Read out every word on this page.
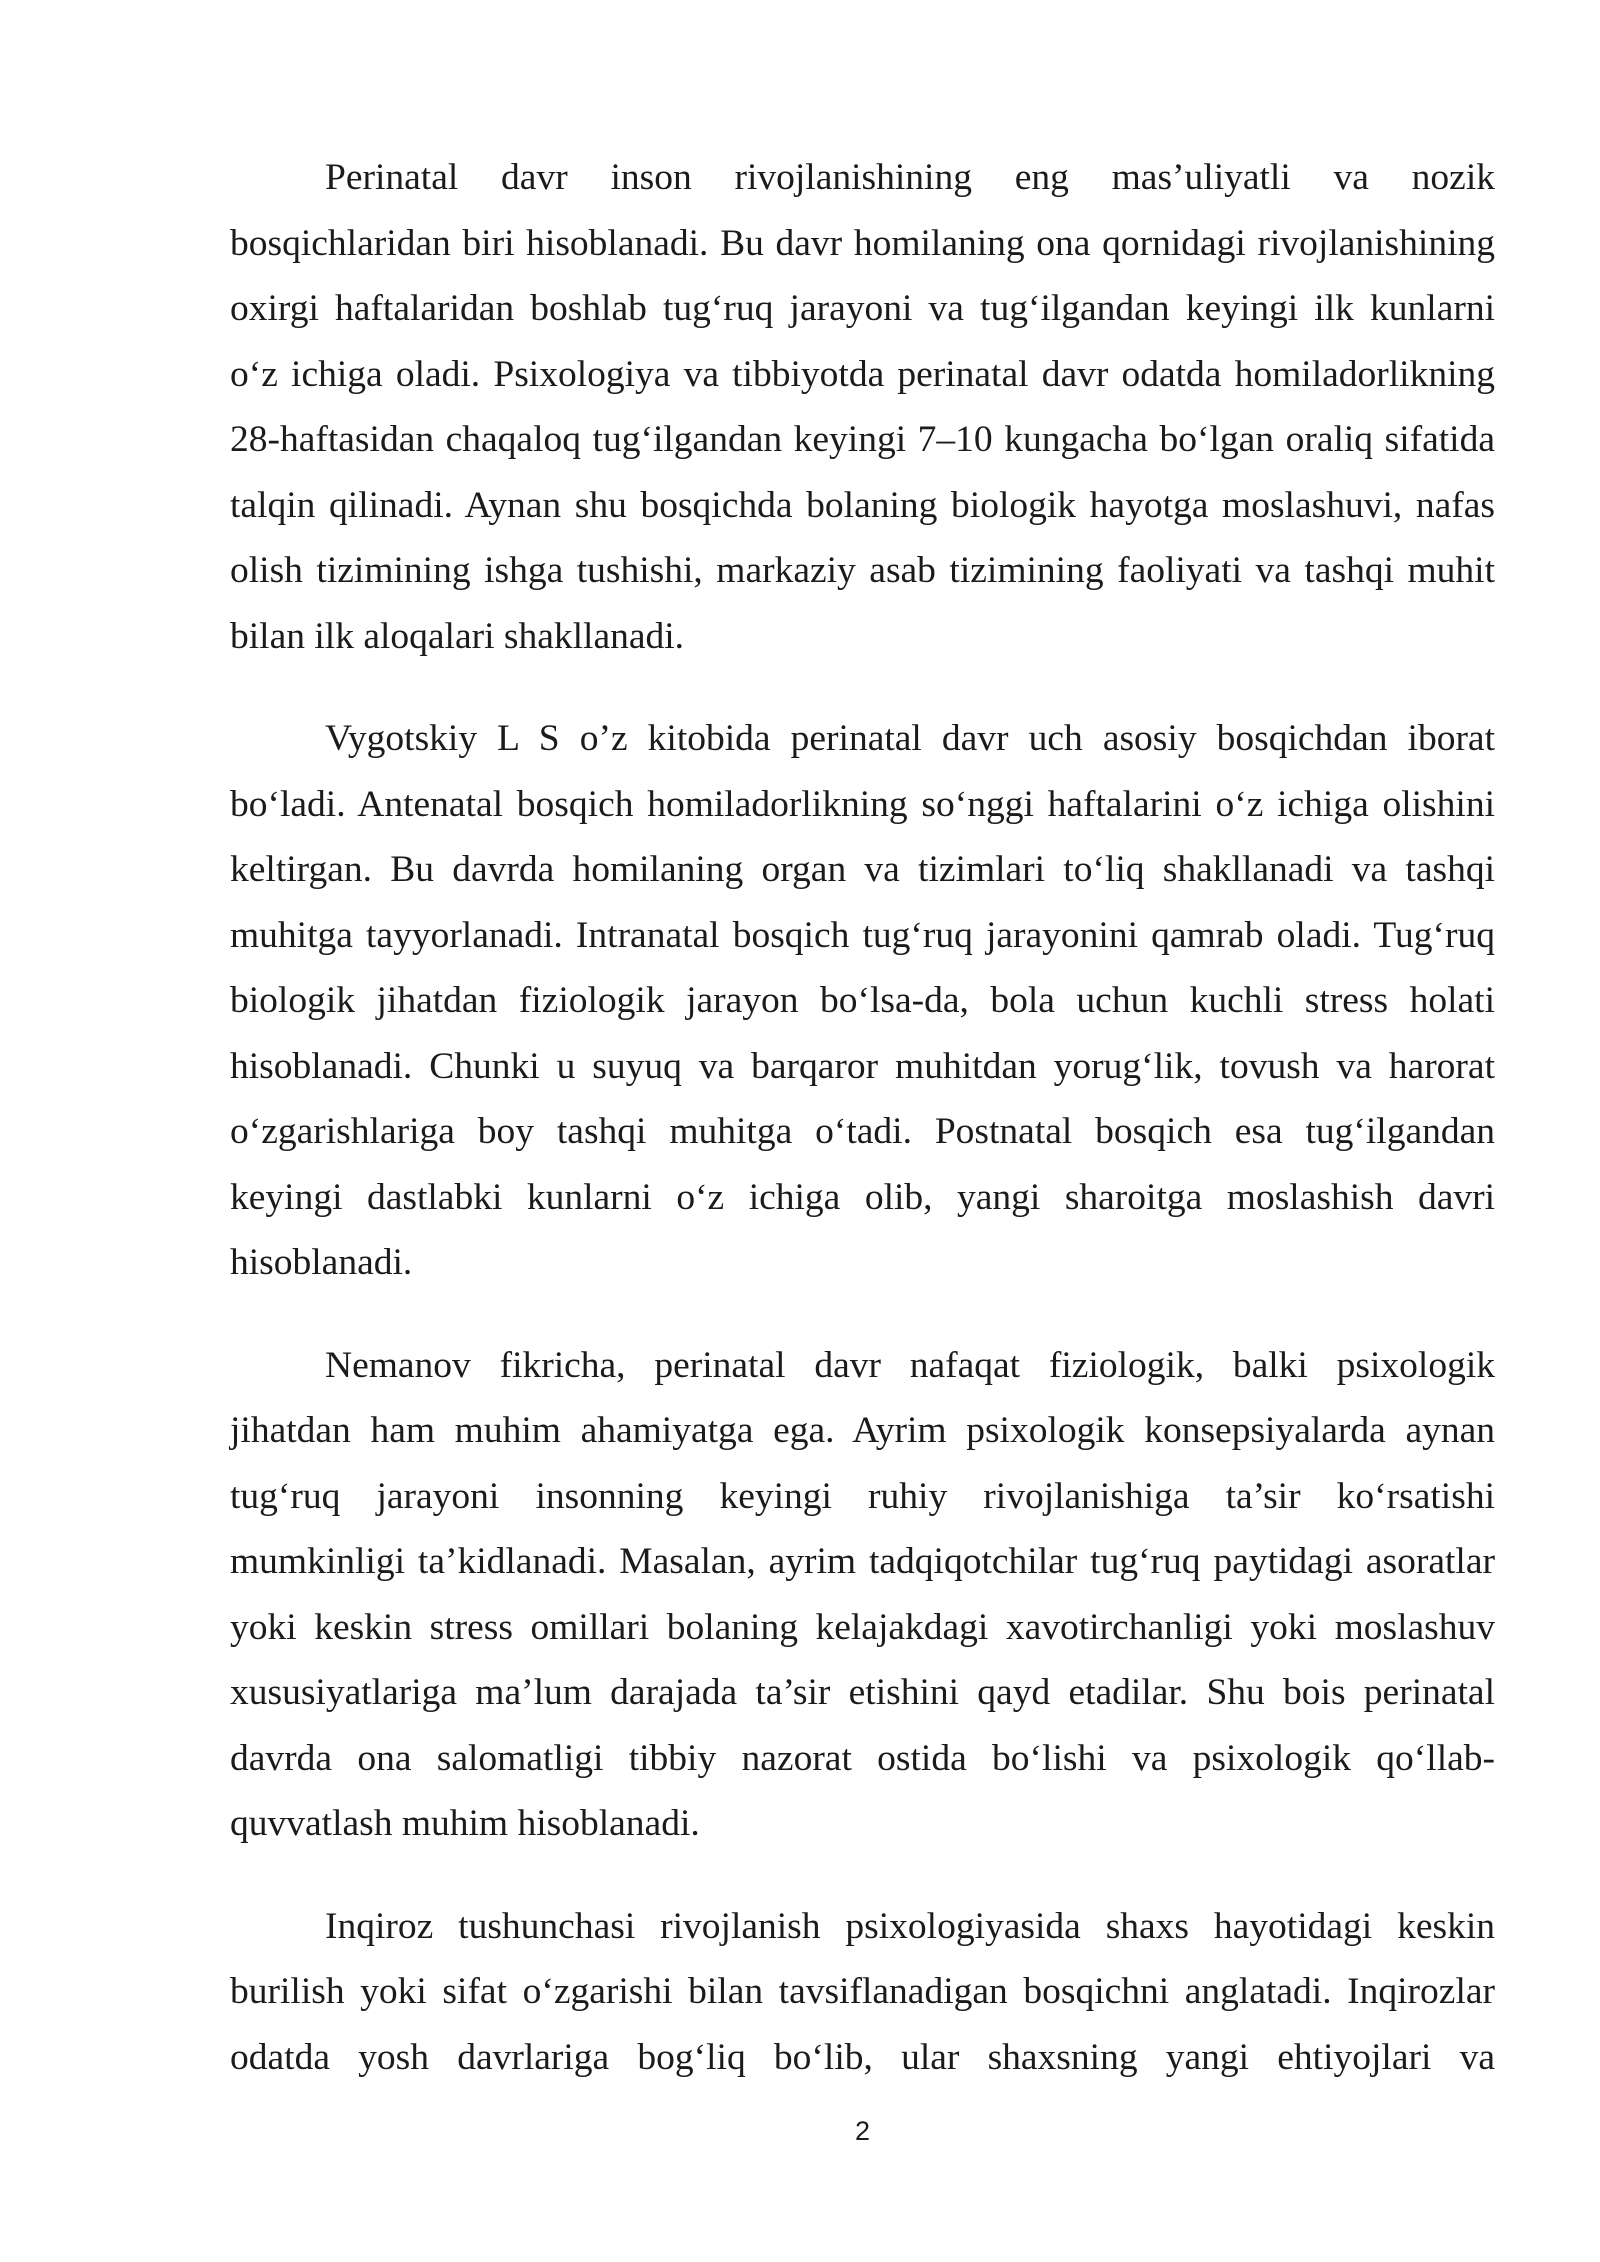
Perinatal davr inson rivojlanishining eng mas’uliyatli va nozik
bosqichlaridan biri hisoblanadi. Bu davr homilaning ona qornidagi rivojlanishining
oxirgi haftalaridan boshlab tug‘ruq jarayoni va tug‘ilgandan keyingi ilk kunlarni
o‘z ichiga oladi. Psixologiya va tibbiyotda perinatal davr odatda homiladorlikning
28-haftasidan chaqaloq tug‘ilgandan keyingi 7–10 kungacha bo‘lgan oraliq sifatida
talqin qilinadi. Aynan shu bosqichda bolaning biologik hayotga moslashuvi, nafas
olish tizimining ishga tushishi, markaziy asab tizimining faoliyati va tashqi muhit
bilan ilk aloqalari shakllanadi.
Vygotskiy L S o’z kitobida perinatal davr uch asosiy bosqichdan iborat
bo‘ladi. Antenatal bosqich homiladorlikning so‘nggi haftalarini o‘z ichiga olishini
keltirgan. Bu davrda homilaning organ va tizimlari to‘liq shakllanadi va tashqi
muhitga tayyorlanadi. Intranatal bosqich tug‘ruq jarayonini qamrab oladi. Tug‘ruq
biologik jihatdan fiziologik jarayon bo‘lsa-da, bola uchun kuchli stress holati
hisoblanadi. Chunki u suyuq va barqaror muhitdan yorug‘lik, tovush va harorat
o‘zgarishlariga boy tashqi muhitga o‘tadi. Postnatal bosqich esa tug‘ilgandan
keyingi dastlabki kunlarni o‘z ichiga olib, yangi sharoitga moslashish davri
hisoblanadi.
Nemanov fikricha, perinatal davr nafaqat fiziologik, balki psixologik
jihatdan ham muhim ahamiyatga ega. Ayrim psixologik konsepsiyalarda aynan
tug‘ruq jarayoni insonning keyingi ruhiy rivojlanishiga ta’sir ko‘rsatishi
mumkinligi ta’kidlanadi. Masalan, ayrim tadqiqotchilar tug‘ruq paytidagi asoratlar
yoki keskin stress omillari bolaning kelajakdagi xavotirchanligi yoki moslashuv
xususiyatlariga ma’lum darajada ta’sir etishini qayd etadilar. Shu bois perinatal
davrda ona salomatligi tibbiy nazorat ostida bo‘lishi va psixologik qo‘llab-
quvvatlash muhim hisoblanadi.
Inqiroz tushunchasi rivojlanish psixologiyasida shaxs hayotidagi keskin
burilish yoki sifat o‘zgarishi bilan tavsiflanadigan bosqichni anglatadi. Inqirozlar
odatda yosh davrlariga bog‘liq bo‘lib, ular shaxsning yangi ehtiyojlari va
2
